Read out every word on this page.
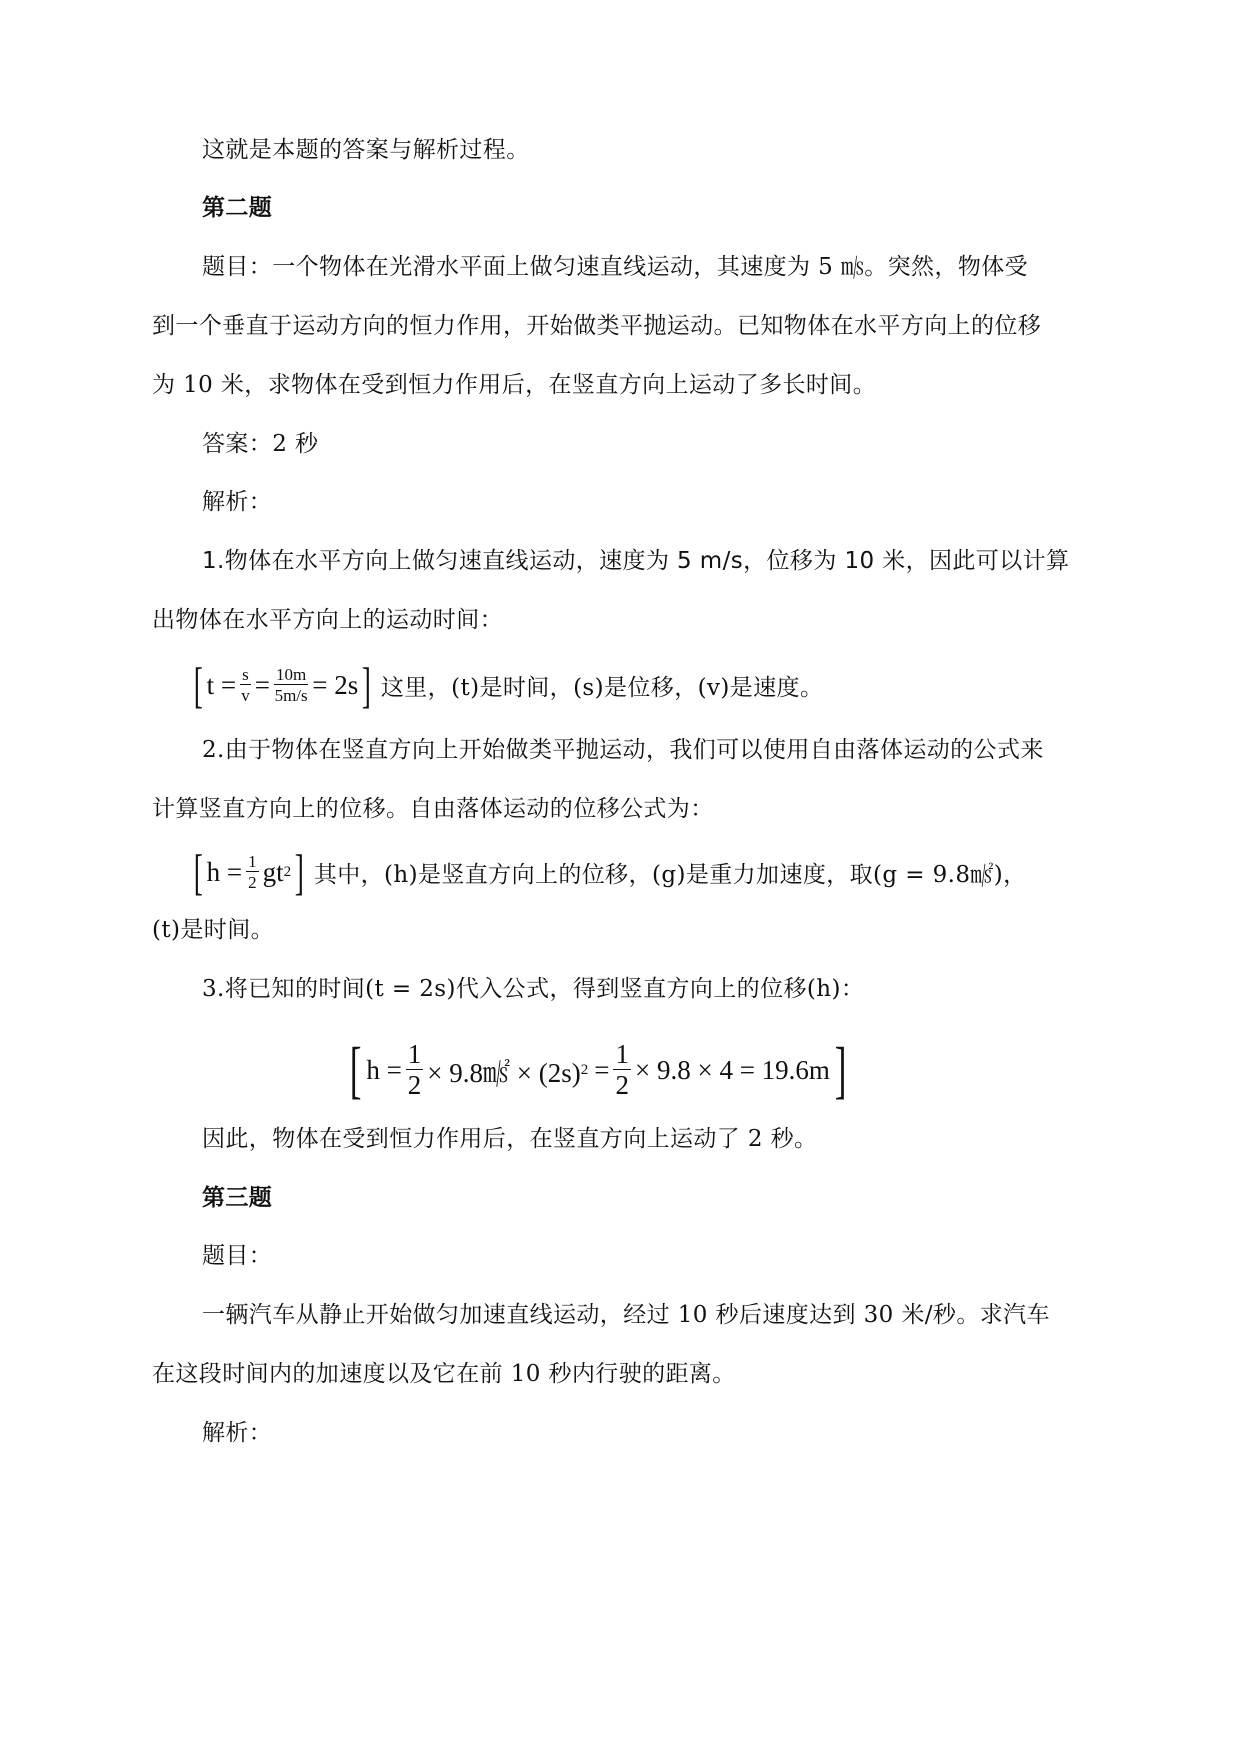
这就是本题的答案与解析过程。
第二题
题目：一个物体在光滑水平面上做匀速直线运动，其速度为 5 ㎧。突然，物体受
到一个垂直于运动方向的恒力作用，开始做类平抛运动。已知物体在水平方向上的位移
为 10 米，求物体在受到恒力作用后，在竖直方向上运动了多长时间。
答案：2 秒
解析：
1.物体在水平方向上做匀速直线运动，速度为 5 m/s，位移为 10 米，因此可以计算
出物体在水平方向上的运动时间：
[ $t = \frac{s}{v} = \frac{10m}{5m/s} = 2s$ ] 这里，(t)是时间，(s)是位移，(v)是速度。
2.由于物体在竖直方向上开始做类平抛运动，我们可以使用自由落体运动的公式来
计算竖直方向上的位移。自由落体运动的位移公式为：
[ $h = \frac{1}{2}$ gt 2 ] 其中，(h)是竖直方向上的位移，(g)是重力加速度，取(g = 9.8㎨)，
(t)是时间。
3.将已知的时间(t = 2s)代入公式，得到竖直方向上的位移(h)：
[ $h = \frac{1}{2}$ × 9.8㎨ × (2s) $2 = \frac{1}{2} \times 9.8 \times 4 = 19.6m$ ]
因此，物体在受到恒力作用后，在竖直方向上运动了 2 秒。
第三题
题目：
一辆汽车从静止开始做匀加速直线运动，经过 10 秒后速度达到 30 米/秒。求汽车
在这段时间内的加速度以及它在前 10 秒内行驶的距离。
解析：
